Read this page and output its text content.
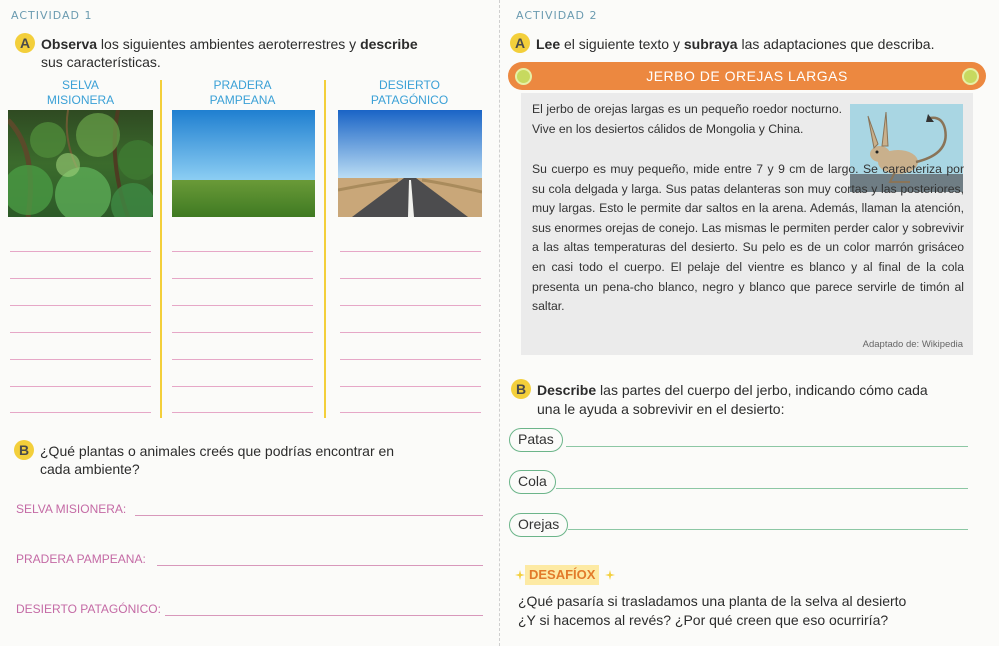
ACTIVIDAD 1
A Observa los siguientes ambientes aeroterrestres y describe
sus características.
SELVA
MISIONERA
PRADERA
PAMPEANA
DESIERTO
PATAGÓNICO
B ¿Qué plantas o animales creés que podrías encontrar en
cada ambiente?
SELVA MISIONERA:
PRADERA PAMPEANA:
DESIERTO PATAGÓNICO:
ACTIVIDAD 2
A Lee el siguiente texto y subraya las adaptaciones que describa.
JERBO DE OREJAS LARGAS
El jerbo de orejas largas es un pequeño roedor nocturno. Vive en los desiertos cálidos de Mongolia y China.
Su cuerpo es muy pequeño, mide entre 7 y 9 cm de largo. Se caracteriza por su cola delgada y larga. Sus patas delanteras son muy cortas y las posteriores, muy largas. Esto le permite dar saltos en la arena. Además, llaman la atención, sus enormes orejas de conejo. Las mismas le permiten perder calor y sobrevivir a las altas temperaturas del desierto. Su pelo es de un color marrón grisáceo en casi todo el cuerpo. El pelaje del vientre es blanco y al final de la cola presenta un pena-cho blanco, negro y blanco que parece servirle de timón al saltar.
Adaptado de: Wikipedia
B Describe las partes del cuerpo del jerbo, indicando cómo cada
una le ayuda a sobrevivir en el desierto:
Patas
Cola
Orejas
DESAFÍOX
¿Qué pasaría si trasladamos una planta de la selva al desierto
¿Y si hacemos al revés? ¿Por qué creen que eso ocurriría?
